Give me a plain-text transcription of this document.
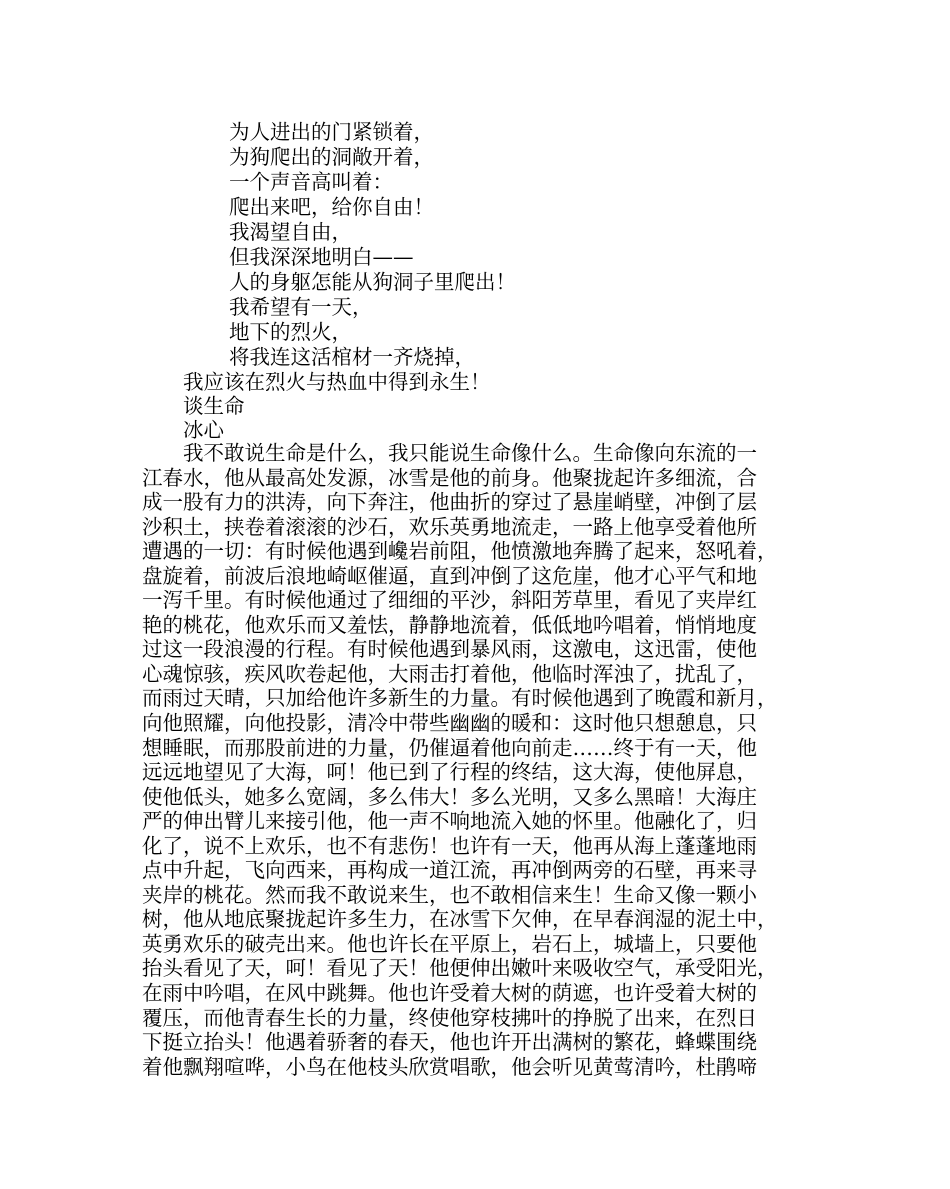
为人进出的门紧锁着，
为狗爬出的洞敞开着，
一个声音高叫着：
爬出来吧，给你自由！
我渴望自由，
但我深深地明白——
人的身躯怎能从狗洞子里爬出！
我希望有一天，
地下的烈火，
将我连这活棺材一齐烧掉，
我应该在烈火与热血中得到永生！
谈生命
冰心
　　我不敢说生命是什么，我只能说生命像什么。生命像向东流的一
江春水，他从最高处发源，冰雪是他的前身。他聚拢起许多细流，合
成一股有力的洪涛，向下奔注，他曲折的穿过了悬崖峭壁，冲倒了层
沙积土，挟卷着滚滚的沙石，欢乐英勇地流走，一路上他享受着他所
遭遇的一切：有时候他遇到巉岩前阻，他愤激地奔腾了起来，怒吼着，
盘旋着，前波后浪地崎岖催逼，直到冲倒了这危崖，他才心平气和地
一泻千里。有时候他通过了细细的平沙，斜阳芳草里，看见了夹岸红
艳的桃花，他欢乐而又羞怯，静静地流着，低低地吟唱着，悄悄地度
过这一段浪漫的行程。有时候他遇到暴风雨，这激电，这迅雷，使他
心魂惊骇，疾风吹卷起他，大雨击打着他，他临时浑浊了，扰乱了，
而雨过天晴，只加给他许多新生的力量。有时候他遇到了晚霞和新月，
向他照耀，向他投影，清冷中带些幽幽的暖和：这时他只想憩息，只
想睡眠，而那股前进的力量，仍催逼着他向前走……终于有一天，他
远远地望见了大海，呵！他已到了行程的终结，这大海，使他屏息，
使他低头，她多么宽阔，多么伟大！多么光明，又多么黑暗！大海庄
严的伸出臂儿来接引他，他一声不响地流入她的怀里。他融化了，归
化了，说不上欢乐，也不有悲伤！也许有一天，他再从海上蓬蓬地雨
点中升起，飞向西来，再构成一道江流，再冲倒两旁的石壁，再来寻
夹岸的桃花。然而我不敢说来生，也不敢相信来生！生命又像一颗小
树，他从地底聚拢起许多生力，在冰雪下欠伸，在早春润湿的泥土中，
英勇欢乐的破壳出来。他也许长在平原上，岩石上，城墙上，只要他
抬头看见了天，呵！看见了天！他便伸出嫩叶来吸收空气，承受阳光，
在雨中吟唱，在风中跳舞。他也许受着大树的荫遮，也许受着大树的
覆压，而他青春生长的力量，终使他穿枝拂叶的挣脱了出来，在烈日
下挺立抬头！他遇着骄奢的春天，他也许开出满树的繁花，蜂蝶围绕
着他飘翔喧哗，小鸟在他枝头欣赏唱歌，他会听见黄莺清吟，杜鹃啼
